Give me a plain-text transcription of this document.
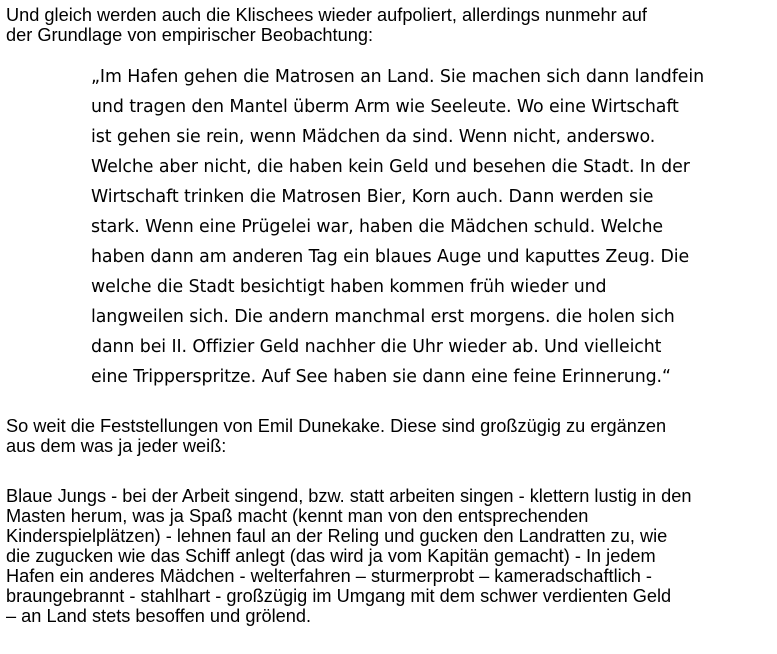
Und gleich werden auch die Klischees wieder aufpoliert, allerdings nunmehr auf
der Grundlage von empirischer Beobachtung:

„Im Hafen gehen die Matrosen an Land. Sie machen sich dann landfein
und tragen den Mantel überm Arm wie Seeleute. Wo eine Wirtschaft
ist gehen sie rein, wenn Mädchen da sind. Wenn nicht, anderswo.
Welche aber nicht, die haben kein Geld und besehen die Stadt. In der
Wirtschaft trinken die Matrosen Bier, Korn auch. Dann werden sie
stark. Wenn eine Prügelei war, haben die Mädchen schuld. Welche
haben dann am anderen Tag ein blaues Auge und kaputtes Zeug. Die
welche die Stadt besichtigt haben kommen früh wieder und
langweilen sich. Die andern manchmal erst morgens. die holen sich
dann bei II. Offizier Geld nachher die Uhr wieder ab. Und vielleicht
eine Tripperspritze. Auf See haben sie dann eine feine Erinnerung.“

So weit die Feststellungen von Emil Dunekake. Diese sind großzügig zu ergänzen
aus dem was ja jeder weiß:

Blaue Jungs - bei der Arbeit singend, bzw. statt arbeiten singen - klettern lustig in den
Masten herum, was ja Spaß macht (kennt man von den entsprechenden
Kinderspielplätzen) - lehnen faul an der Reling und gucken den Landratten zu, wie
die zugucken wie das Schiff anlegt (das wird ja vom Kapitän gemacht) - In jedem
Hafen ein anderes Mädchen - welterfahren – sturmerprobt – kameradschaftlich -
braungebrannt - stahlhart - großzügig im Umgang mit dem schwer verdienten Geld
– an Land stets besoffen und grölend.
